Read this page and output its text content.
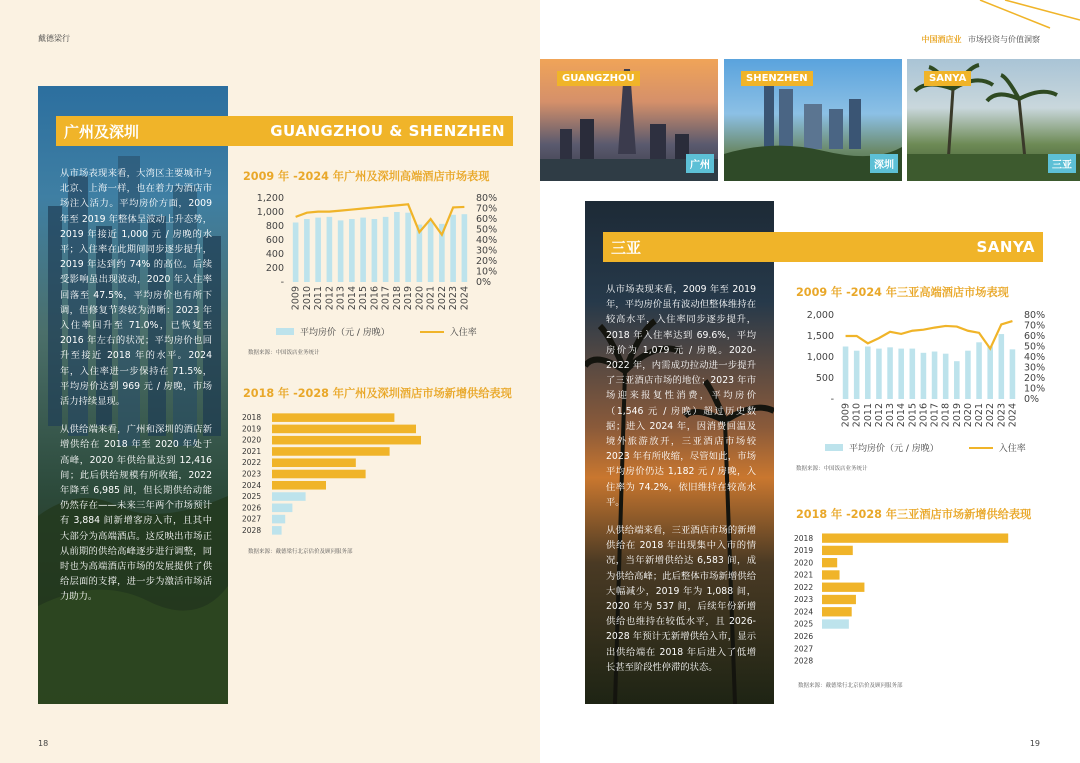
戴德梁行
广州及深圳	GUANGZHOU & SHENZHEN

从市场表现来看，大湾区主要城市与北京、上海一样，也在着力为酒店市场注入活力。平均房价方面，2009 年至 2019 年整体呈波动上升态势，2019 年接近 1,000 元 / 房晚的水平；入住率在此期间同步逐步提升，2019 年达到约 74% 的高位。后续受影响虽出现波动，2020 年入住率回落至 47.5%，平均房价也有所下调，但修复节奏较为清晰：2023 年入住率回升至 71.0%，已恢复至 2016 年左右的状况；平均房价也回升至接近 2018 年的水平。2024 年，入住率进一步保持在 71.5%，平均房价达到 969 元 / 房晚，市场活力持续显现。

从供给端来看，广州和深圳的酒店新增供给在 2018 年至 2020 年处于高峰，2020 年供给量达到 12,416 间；此后供给规模有所收缩，2022 年降至 6,985 间，但长期供给动能仍然存在——未来三年两个市场预计有 3,884 间新增客房入市，且其中大部分为高端酒店。这反映出市场正从前期的供给高峰逐步进行调整，同时也为高端酒店市场的发展提供了供给层面的支撑，进一步为激活市场活力助力。

2009 年 -2024 年广州及深圳高端酒店市场表现
1,200
1,000
800
600
400
200
-
80%
70%
60%
50%
40%
30%
20%
10%
0%
2009 2010 2011 2012 2013 2014 2015 2016 2017 2018 2019 2020 2021 2022 2023 2024
平均房价（元 / 房晚）	入住率
数据来源：中国饭店业务统计
2018 年 -2028 年广州及深圳酒店市场新增供给表现
2018
2019
2020
2021
2022
2023
2024
2025
2026
2027
2028
数据来源：戴德梁行北京估价及顾问服务部
18
中国酒店业 市场投资与价值洞察
GUANGZHOU
广州
SHENZHEN
深圳
SANYA
三亚
三亚	SANYA

从市场表现来看，2009 年至 2019 年，平均房价虽有波动但整体维持在较高水平，入住率同步逐步提升，2018 年入住率达到 69.6%，平均房价为 1,079 元 / 房晚。2020-2022 年，内需成功拉动进一步提升了三亚酒店市场的地位；2023 年市场迎来报复性消费，平均房价（1,546 元 / 房晚）超过历史数据；进入 2024 年，因消费回温及境外旅游放开，三亚酒店市场较 2023 年有所收缩，尽管如此，市场平均房价仍达 1,182 元 / 房晚，入住率为 74.2%，依旧维持在较高水平。

从供给端来看，三亚酒店市场的新增供给在 2018 年出现集中入市的情况，当年新增供给达 6,583 间，成为供给高峰；此后整体市场新增供给大幅减少，2019 年为 1,088 间，2020 年为 537 间，后续年份新增供给也维持在较低水平，且 2026-2028 年预计无新增供给入市，显示出供给端在 2018 年后进入了低增长甚至阶段性停滞的状态。

2009 年 -2024 年三亚高端酒店市场表现
2,000
1,500
1,000
500
-
80%
70%
60%
50%
40%
30%
20%
10%
0%
2009 2010 2011 2012 2013 2014 2015 2016 2017 2018 2019 2020 2021 2022 2023 2024
平均房价（元 / 房晚）	入住率
数据来源：中国饭店业务统计
2018 年 -2028 年三亚酒店市场新增供给表现
2018
2019
2020
2021
2022
2023
2024
2025
2026
2027
2028
数据来源：戴德梁行北京估价及顾问服务部
19
